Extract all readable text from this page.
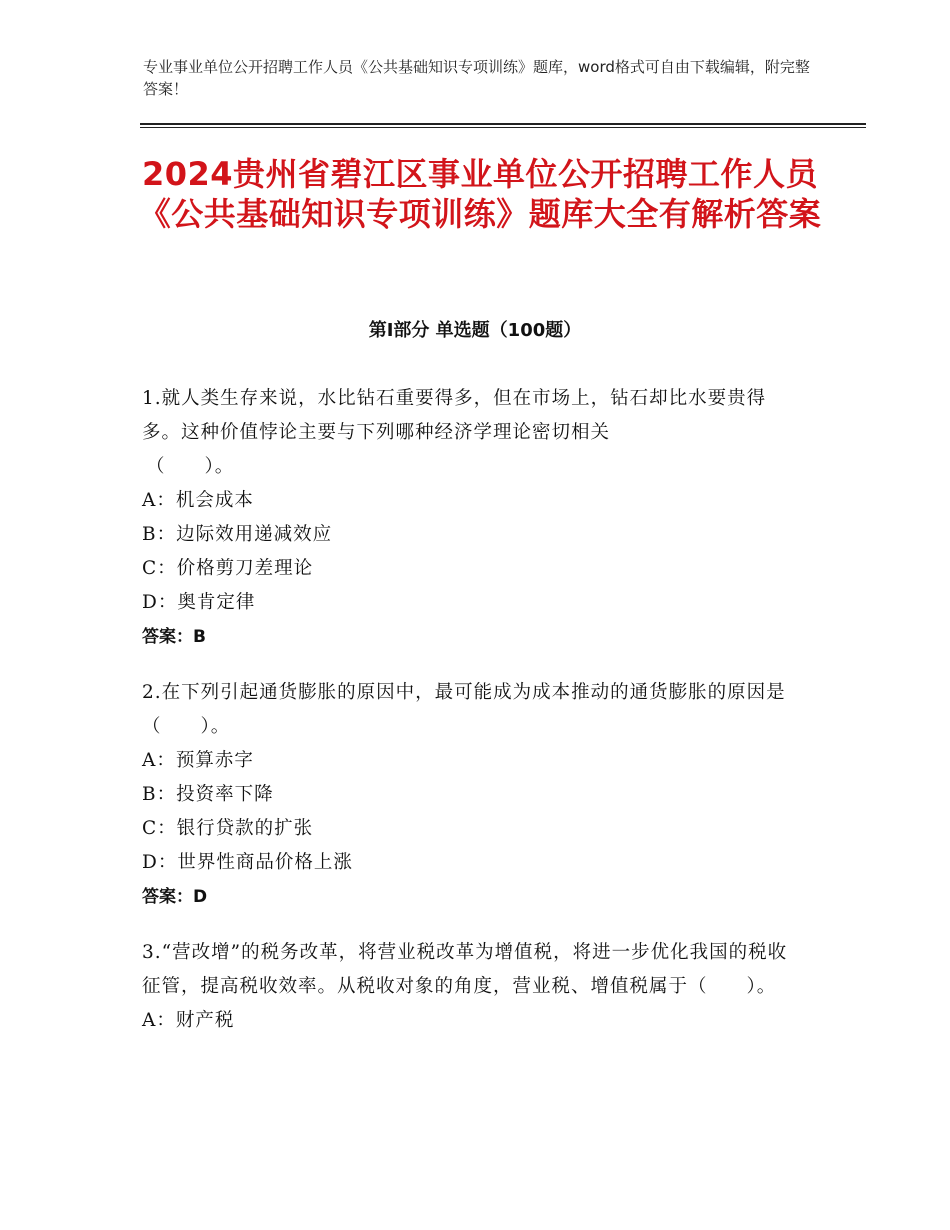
专业事业单位公开招聘工作人员《公共基础知识专项训练》题库，word格式可自由下载编辑，附完整答案！
2024贵州省碧江区事业单位公开招聘工作人员《公共基础知识专项训练》题库大全有解析答案
第Ⅰ部分 单选题（100题）
1.就人类生存来说，水比钻石重要得多，但在市场上，钻石却比水要贵得多。这种价值悖论主要与下列哪种经济学理论密切相关
（　　）。
A：机会成本
B：边际效用递减效应
C：价格剪刀差理论
D：奥肯定律
答案：B
2.在下列引起通货膨胀的原因中，最可能成为成本推动的通货膨胀的原因是（　　）。
A：预算赤字
B：投资率下降
C：银行贷款的扩张
D：世界性商品价格上涨
答案：D
3.“营改增”的税务改革，将营业税改革为增值税，将进一步优化我国的税收征管，提高税收效率。从税收对象的角度，营业税、增值税属于（　　）。
A：财产税
